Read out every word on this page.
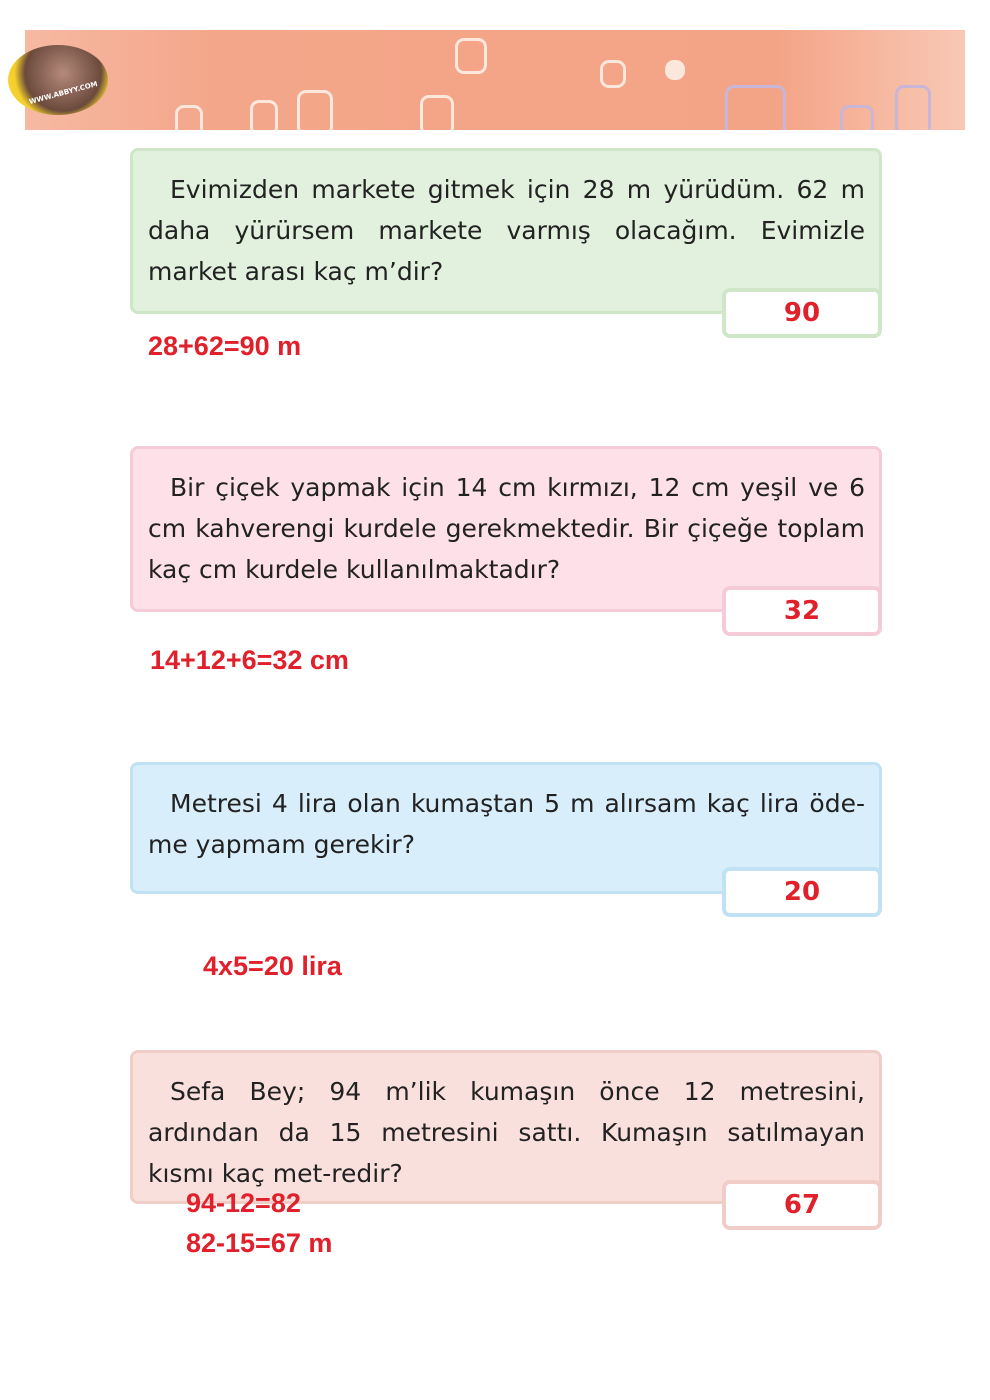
WWW.ABBYY.COM
Evimizden markete gitmek için 28 m yürüdüm. 62 m daha yürürsem markete varmış olacağım. Evimizle market arası kaç m’dir?
90
28+62=90 m
Bir çiçek yapmak için 14 cm kırmızı, 12 cm yeşil ve 6 cm kahverengi kurdele gerekmektedir. Bir çiçeğe toplam kaç cm kurdele kullanılmaktadır?
32
14+12+6=32 cm
Metresi 4 lira olan kumaştan 5 m alırsam kaç lira öde-me yapmam gerekir?
20
4x5=20 lira
Sefa Bey; 94 m’lik kumaşın önce 12 metresini, ardından da 15 metresini sattı. Kumaşın satılmayan kısmı kaç met-redir?
67
94-12=82
82-15=67 m
